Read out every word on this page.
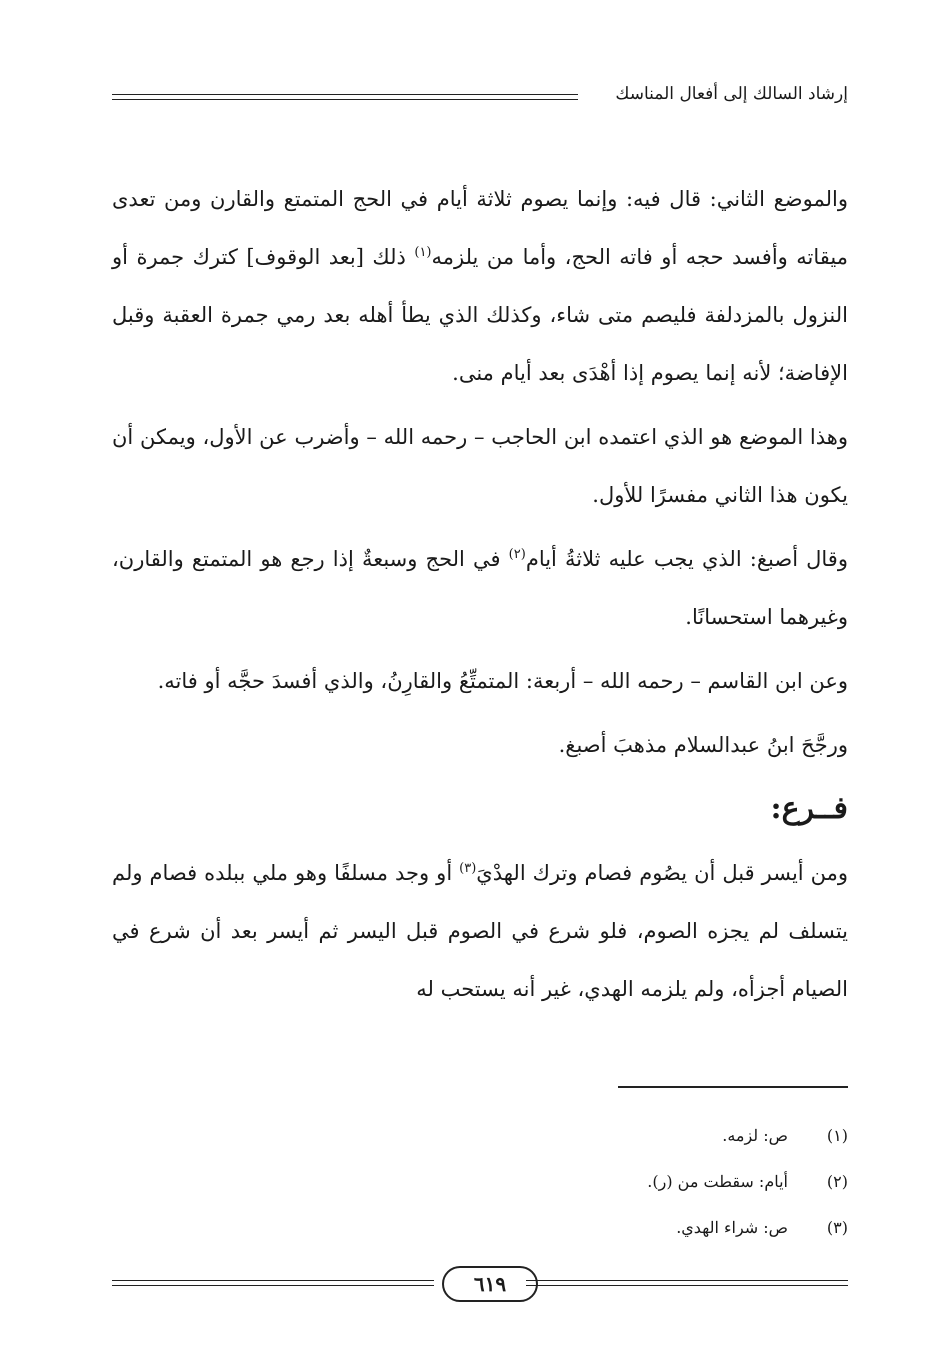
إرشاد السالك إلى أفعال المناسك

والموضع الثاني: قال فيه: وإنما يصوم ثلاثة أيام في الحج المتمتع والقارن ومن تعدى ميقاته وأفسد حجه أو فاته الحج، وأما من يلزمه$^{(١)}$ ذلك [بعد الوقوف] كترك جمرة أو النزول بالمزدلفة فليصم متى شاء، وكذلك الذي يطأ أهله بعد رمي جمرة العقبة وقبل الإفاضة؛ لأنه إنما يصوم إذا أهْدَى بعد أيام منى.

وهذا الموضع هو الذي اعتمده ابن الحاجب – رحمه الله – وأضرب عن الأول، ويمكن أن يكون هذا الثاني مفسرًا للأول.

وقال أصبغ: الذي يجب عليه ثلاثةُ أيام$^{(٢)}$ في الحج وسبعةٌ إذا رجع هو المتمتع والقارن، وغيرهما استحسانًا.

وعن ابن القاسم – رحمه الله – أربعة: المتمتِّعُ والقارِنُ، والذي أفسدَ حجَّه أو فاته.

ورجَّحَ ابنُ عبدالسلام مذهبَ أصبغ.

فــرع:

ومن أيسر قبل أن يصُوم فصام وترك الهدْيَ$^{(٣)}$ أو وجد مسلفًا وهو ملي ببلده فصام ولم يتسلف لم يجزه الصوم، فلو شرع في الصوم قبل اليسر ثم أيسر بعد أن شرع في الصيام أجزأه، ولم يلزمه الهدي، غير أنه يستحب له

(١)
ص: لزمه.
(٢)
أيام: سقطت من (ر).
(٣)
ص: شراء الهدي.
٦١٩
